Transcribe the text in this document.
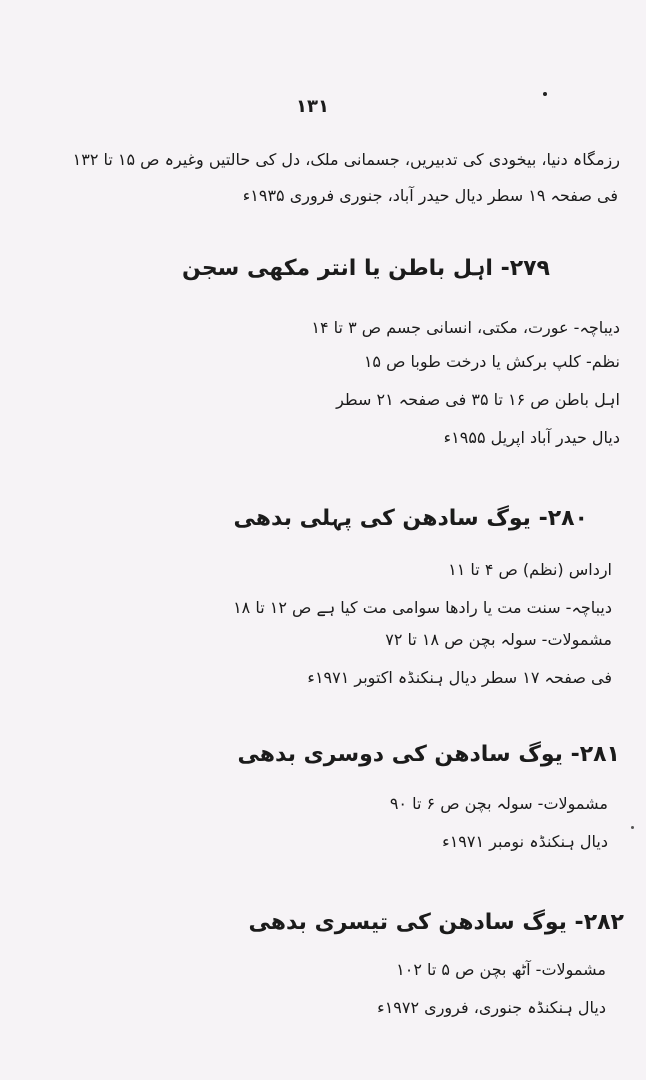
۱۳۱
رزمگاہ دنیا، بیخودی کی تدبیریں، جسمانی ملک، دل کی حالتیں وغیرہ ص ۱۵ تا ۱۳۲
فی صفحہ ۱۹ سطر دیال حیدر آباد، جنوری فروری ۱۹۳۵ء
۲۷۹- اہل باطن یا انتر مکھی سجن
دیباچہ- عورت، مکتی، انسانی جسم ص ۳ تا ۱۴
نظم- کلپ برکش یا درخت طوبا ص ۱۵
اہل باطن ص ۱۶ تا ۳۵ فی صفحہ ۲۱ سطر
دیال حیدر آباد اپریل ۱۹۵۵ء
۲۸۰- یوگ سادھن کی پہلی بدھی
ارداس (نظم) ص ۴ تا ۱۱
دیباچہ- سنت مت یا رادھا سوامی مت کیا ہے ص ۱۲ تا ۱۸
مشمولات- سولہ بچن ص ۱۸ تا ۷۲
فی صفحہ ۱۷ سطر دیال ہنکنڈہ اکتوبر ۱۹۷۱ء
۲۸۱- یوگ سادھن کی دوسری بدھی
مشمولات- سولہ بچن ص ۶ تا ۹۰
دیال ہنکنڈہ نومبر ۱۹۷۱ء
۲۸۲- یوگ سادھن کی تیسری بدھی
مشمولات- آٹھ بچن ص ۵ تا ۱۰۲
دیال ہنکنڈہ جنوری، فروری ۱۹۷۲ء
